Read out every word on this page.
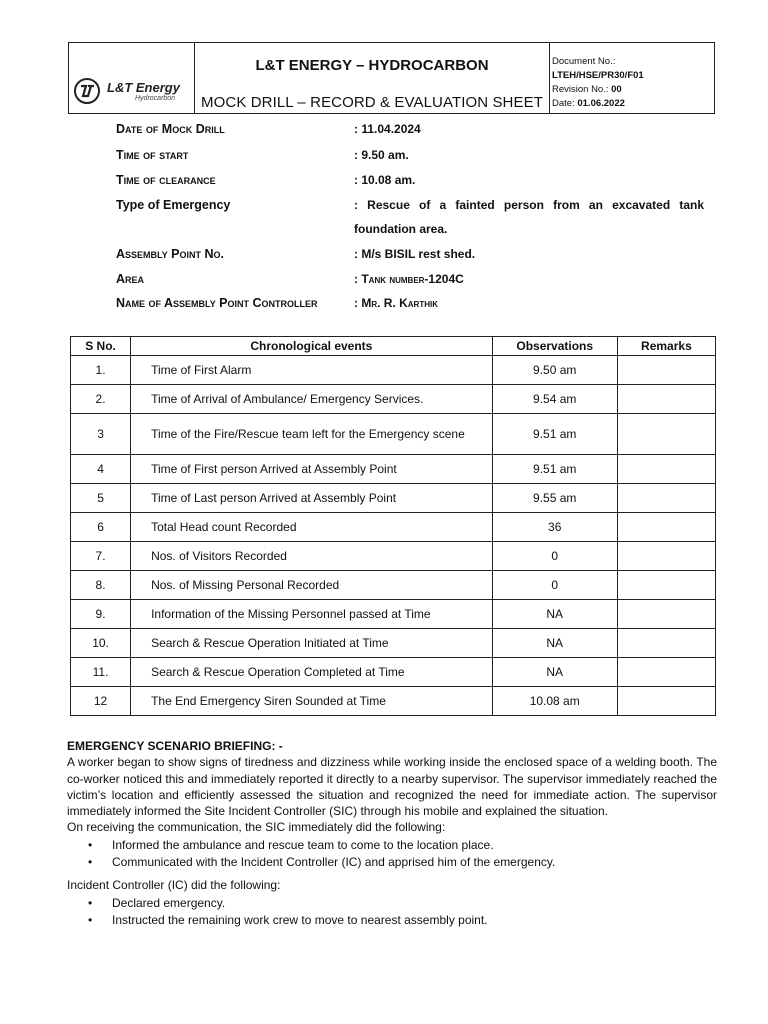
L&T Energy
Hydrocarbon
L&T ENERGY – HYDROCARBON
MOCK DRILL – RECORD & EVALUATION SHEET
Document No.:
LTEH/HSE/PR30/F01
Revision No.: 00
Date: 01.06.2022
Date of Mock Drill	: 11.04.2024
Time of start	: 9.50 am.
Time of clearance	: 10.08 am.
Type of Emergency	: Rescue of a fainted person from an excavated tank foundation area.
Assembly Point No.	: M/s BISIL rest shed.
Area	: Tank number-1204C
Name of Assembly Point Controller	: Mr. R. Karthik
S No.	Chronological events	Observations	Remarks
1.	Time of First Alarm	9.50 am	
2.	Time of Arrival of Ambulance/ Emergency Services.	9.54 am	
3	Time of the Fire/Rescue team left for the Emergency scene	9.51 am	
4	Time of First person Arrived at Assembly Point	9.51 am	
5	Time of Last person Arrived at Assembly Point	9.55 am	
6	Total Head count Recorded	36	
7.	Nos. of Visitors Recorded	0	
8.	Nos. of Missing Personal Recorded	0	
9.	Information of the Missing Personnel passed at Time	NA	
10.	Search & Rescue Operation Initiated at Time	NA	
11.	Search & Rescue Operation Completed at Time	NA	
12	The End Emergency Siren Sounded at Time	10.08 am	
EMERGENCY SCENARIO BRIEFING: -

A worker began to show signs of tiredness and dizziness while working inside the enclosed space of a welding booth. The co-worker noticed this and immediately reported it directly to a nearby supervisor. The supervisor immediately reached the victim’s location and efficiently assessed the situation and recognized the need for immediate action. The supervisor immediately informed the Site Incident Controller (SIC) through his mobile and explained the situation.

On receiving the communication, the SIC immediately did the following:

• Informed the ambulance and rescue team to come to the location place.
• Communicated with the Incident Controller (IC) and apprised him of the emergency.

Incident Controller (IC) did the following:

• Declared emergency.
• Instructed the remaining work crew to move to nearest assembly point.
